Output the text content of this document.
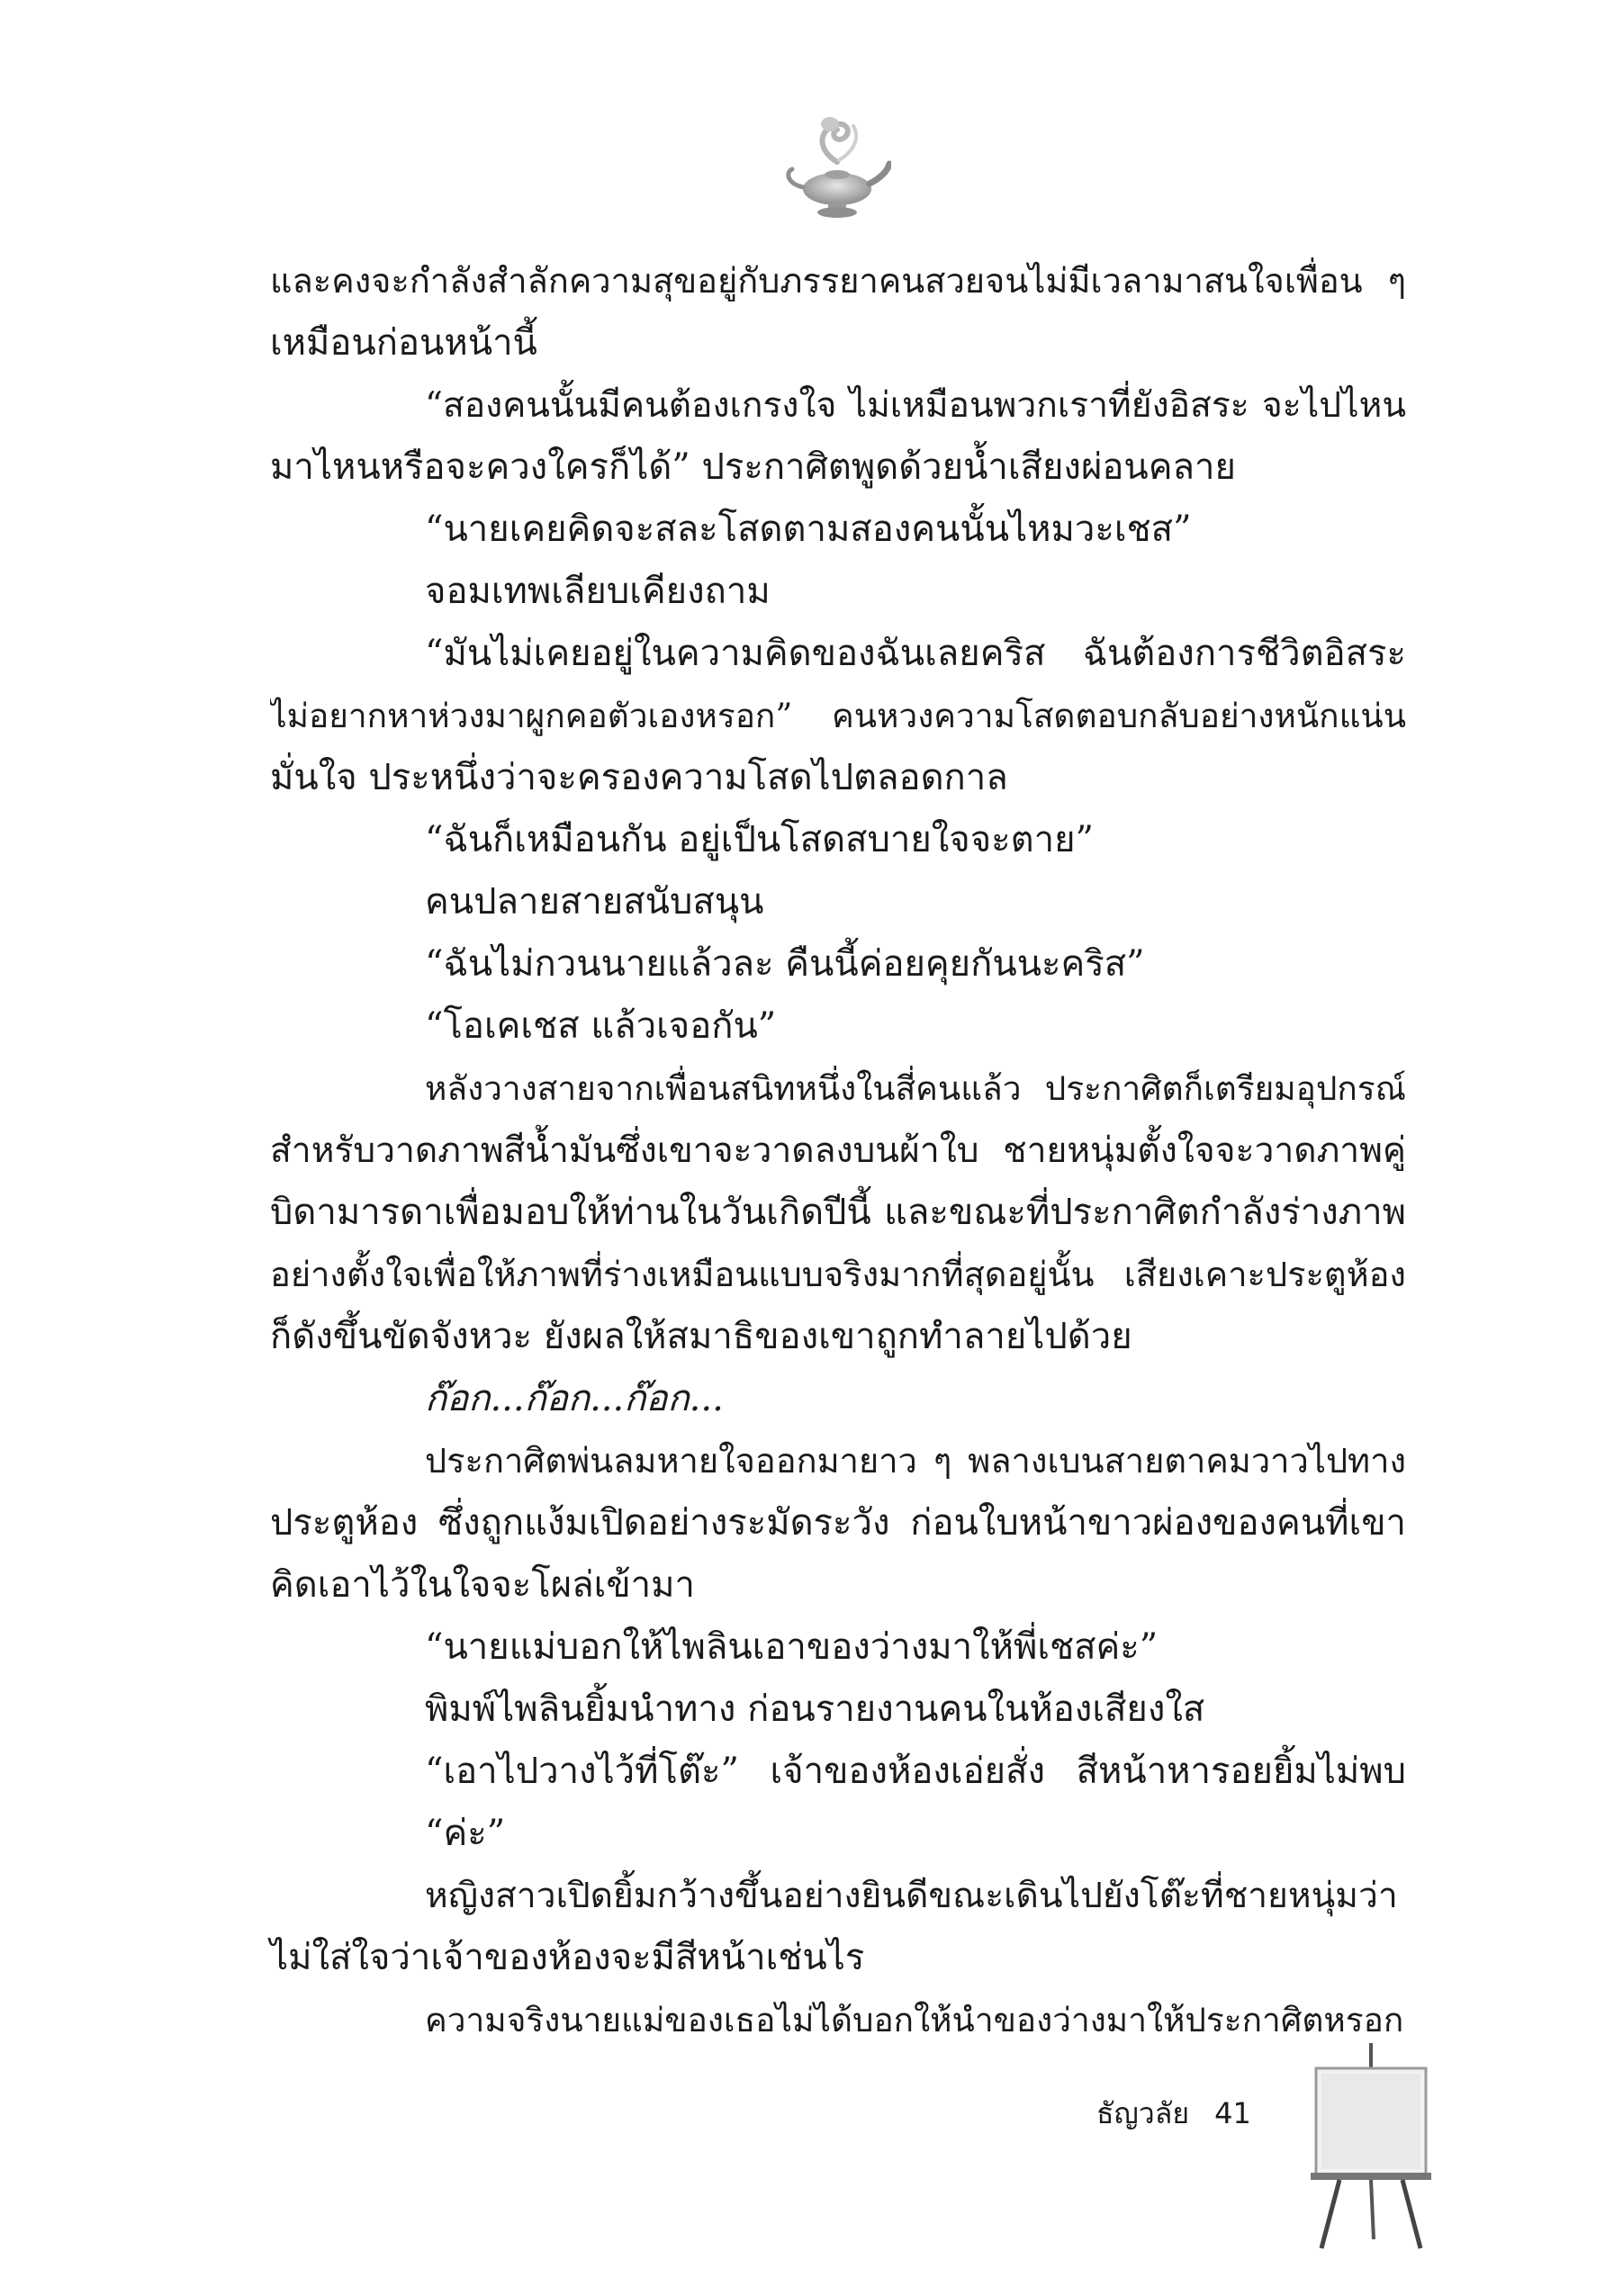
และคงจะกำลังสำลักความสุขอยู่กับภรรยาคนสวยจนไม่มีเวลามาสนใจเพื่อน ๆ
เหมือนก่อนหน้านี้
“สองคนนั้นมีคนต้องเกรงใจ ไม่เหมือนพวกเราที่ยังอิสระ จะไปไหน
มาไหนหรือจะควงใครก็ได้” ประกาศิตพูดด้วยน้ำเสียงผ่อนคลาย
“นายเคยคิดจะสละโสดตามสองคนนั้นไหมวะเชส”
จอมเทพเลียบเคียงถาม
“มันไม่เคยอยู่ในความคิดของฉันเลยคริส ฉันต้องการชีวิตอิสระ
ไม่อยากหาห่วงมาผูกคอตัวเองหรอก” คนหวงความโสดตอบกลับอย่างหนักแน่น
มั่นใจ ประหนึ่งว่าจะครองความโสดไปตลอดกาล
“ฉันก็เหมือนกัน อยู่เป็นโสดสบายใจจะตาย”
คนปลายสายสนับสนุน
“ฉันไม่กวนนายแล้วละ คืนนี้ค่อยคุยกันนะคริส”
“โอเคเชส แล้วเจอกัน”
หลังวางสายจากเพื่อนสนิทหนึ่งในสี่คนแล้ว ประกาศิตก็เตรียมอุปกรณ์
สำหรับวาดภาพสีน้ำมันซึ่งเขาจะวาดลงบนผ้าใบ ชายหนุ่มตั้งใจจะวาดภาพคู่
บิดามารดาเพื่อมอบให้ท่านในวันเกิดปีนี้ และขณะที่ประกาศิตกำลังร่างภาพ
อย่างตั้งใจเพื่อให้ภาพที่ร่างเหมือนแบบจริงมากที่สุดอยู่นั้น เสียงเคาะประตูห้อง
ก็ดังขึ้นขัดจังหวะ ยังผลให้สมาธิของเขาถูกทำลายไปด้วย
ก๊อก...ก๊อก...ก๊อก...
ประกาศิตพ่นลมหายใจออกมายาว ๆ พลางเบนสายตาคมวาวไปทาง
ประตูห้อง ซึ่งถูกแง้มเปิดอย่างระมัดระวัง ก่อนใบหน้าขาวผ่องของคนที่เขา
คิดเอาไว้ในใจจะโผล่เข้ามา
“นายแม่บอกให้ไพลินเอาของว่างมาให้พี่เชสค่ะ”
พิมพ์ไพลินยิ้มนำทาง ก่อนรายงานคนในห้องเสียงใส
“เอาไปวางไว้ที่โต๊ะ” เจ้าของห้องเอ่ยสั่ง สีหน้าหารอยยิ้มไม่พบ
“ค่ะ”
หญิงสาวเปิดยิ้มกว้างขึ้นอย่างยินดีขณะเดินไปยังโต๊ะที่ชายหนุ่มว่า
ไม่ใส่ใจว่าเจ้าของห้องจะมีสีหน้าเช่นไร
ความจริงนายแม่ของเธอไม่ได้บอกให้นำของว่างมาให้ประกาศิตหรอก
ธัญวลัย 41
